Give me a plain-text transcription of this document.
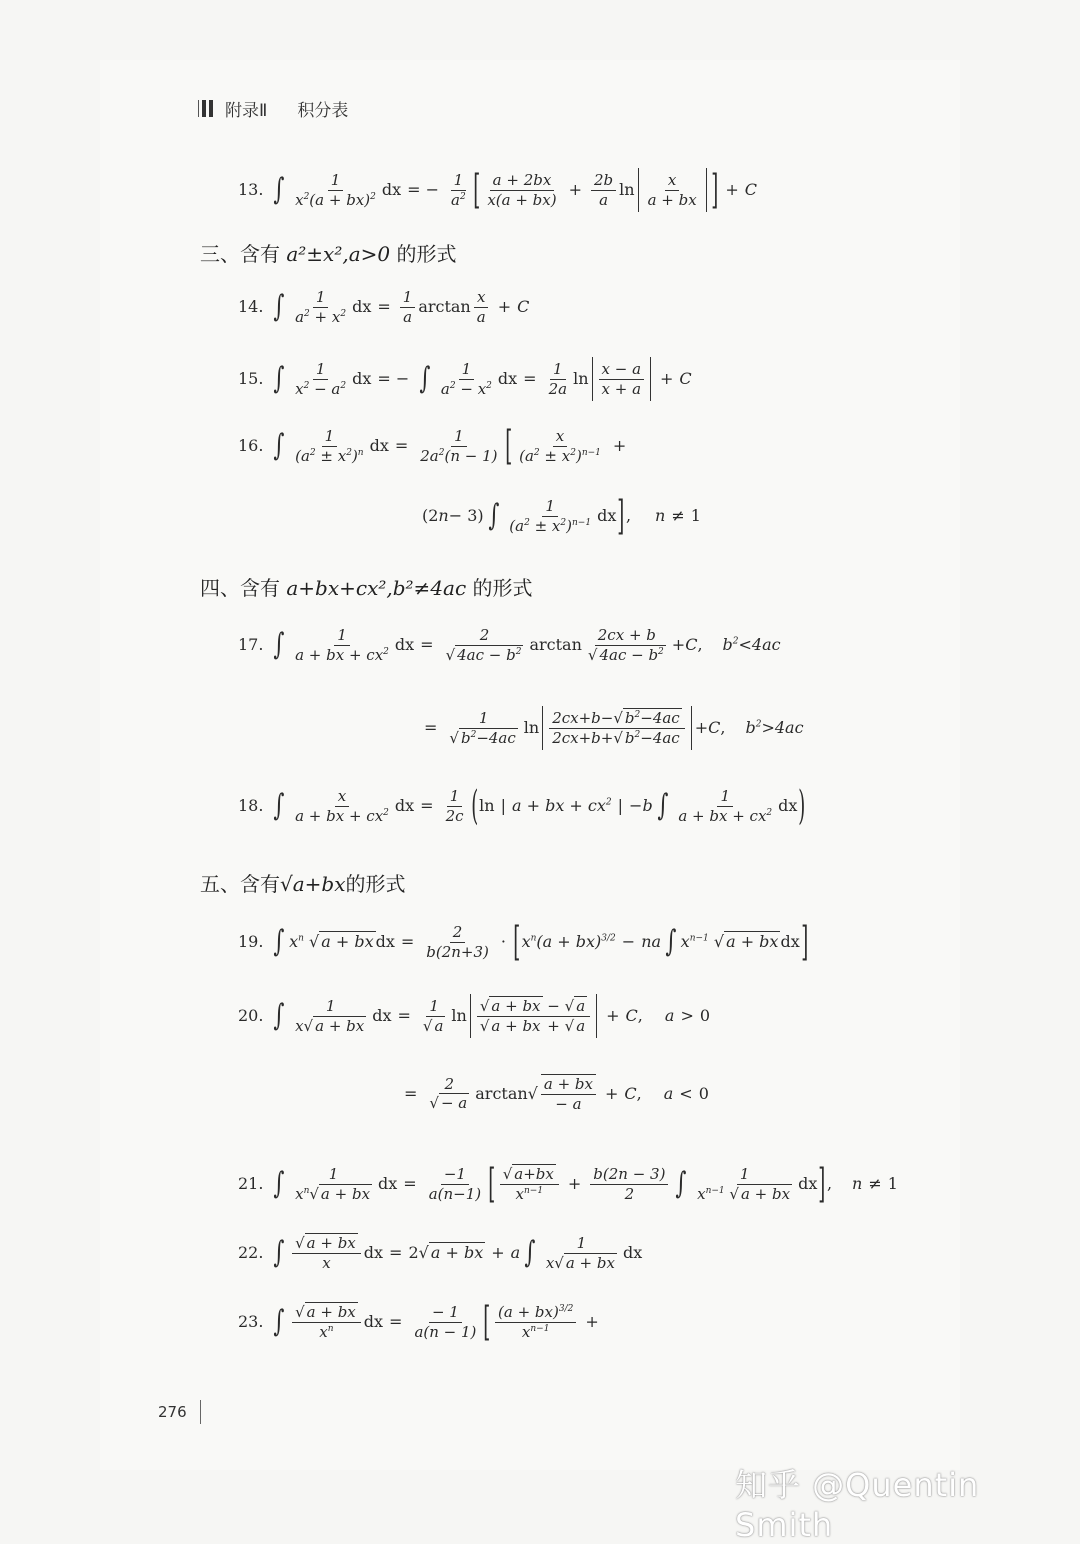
附录Ⅱ 积分表
13. ∫ $\frac{1}{x^2(a + bx)^2}$ dx = − $\frac{1}{a^2}$ [ $\frac{a + 2bx}{x(a + bx)} + \frac{2b}{a}$ $\ln \frac{x}{a + bx}$ ] + C
三、含有 a²±x²,a>0 的形式
14. ∫ $\frac{1}{a^2 + x^2}$ dx = $\frac{1}{a}$ $\arctan \frac{x}{a} + C$
15. ∫ $\frac{1}{x^2 - a^2}$ dx = − ∫ $\frac{1}{a^2 - x^2}$ dx = $\frac{1}{2a}$ $\ln \frac{x - a}{x + a} + C$
16. ∫ $\frac{1}{(a^2 \pm x^2)^n}$ dx = $\frac{1}{2a^2(n - 1)}$ [ $\frac{x}{(a^2 \pm x^2)^{n-1}}$ +
(2 n − 3) ∫ $\frac{1}{(a^2 \pm x^2)^{n-1}}$ dx ] , n ≠ 1
四、含有 a+bx+cx²,b²≠4ac 的形式
17. ∫ $\frac{1}{a + bx + cx^2}$ dx = $\frac{2}{√ 4ac - b^2}$ $\arctan \frac{2cx + b}{√ 4ac - b^2} + C$ , $b^2<4ac$
= $\frac{1}{√ b^2-4ac}$ $\ln \frac{2cx+b-√ b^2-4ac}{2cx+b+√ b^2-4ac} + C$ , $b^2>4ac$
18. ∫ $\frac{x}{a + bx + cx^2}$ dx = $\frac{1}{2c}$ ( ln | a + bx + $cx^2$ | − b ∫ $\frac{1}{a + bx + cx^2}$ dx )
五、含有√a+bx的形式
19. ∫ $x^n$ √ a + bx dx = $\frac{2}{b(2n+3)}$ · [ $x^n(a + bx)^{3/2}$ − na ∫ $x^{n-1}$ √ a + bx dx ]
20. ∫ $\frac{1}{x√ a + bx}$ dx = $\frac{1}{√ a}$ $\ln \frac{√ a + bx - √ a}{√ a + bx + √ a} + C$ , a > 0
= $\frac{2}{√ - a}$ arctan √ $\frac{a + bx}{- a} + C$ , a < 0
21. ∫ $\frac{1}{x^n√ a + bx}$ dx = $\frac{-1}{a(n-1)}$ [ $\frac{√ a+bx}{x^{n-1}} + \frac{b(2n - 3)}{2}$ ∫ $\frac{1}{x^{n-1} √ a + bx}$ dx ] , n ≠ 1
22. ∫ $\frac{√ a + bx}{x}$ dx = 2 √ a + bx + a ∫ $\frac{1}{x√ a + bx}$ dx
23. ∫ $\frac{√ a + bx}{x^n}$ dx = $\frac{- 1}{a(n - 1)}$ [ $\frac{(a + bx)^{3/2}}{x^{n-1}}$ +
276
知乎 @Quentin Smith
